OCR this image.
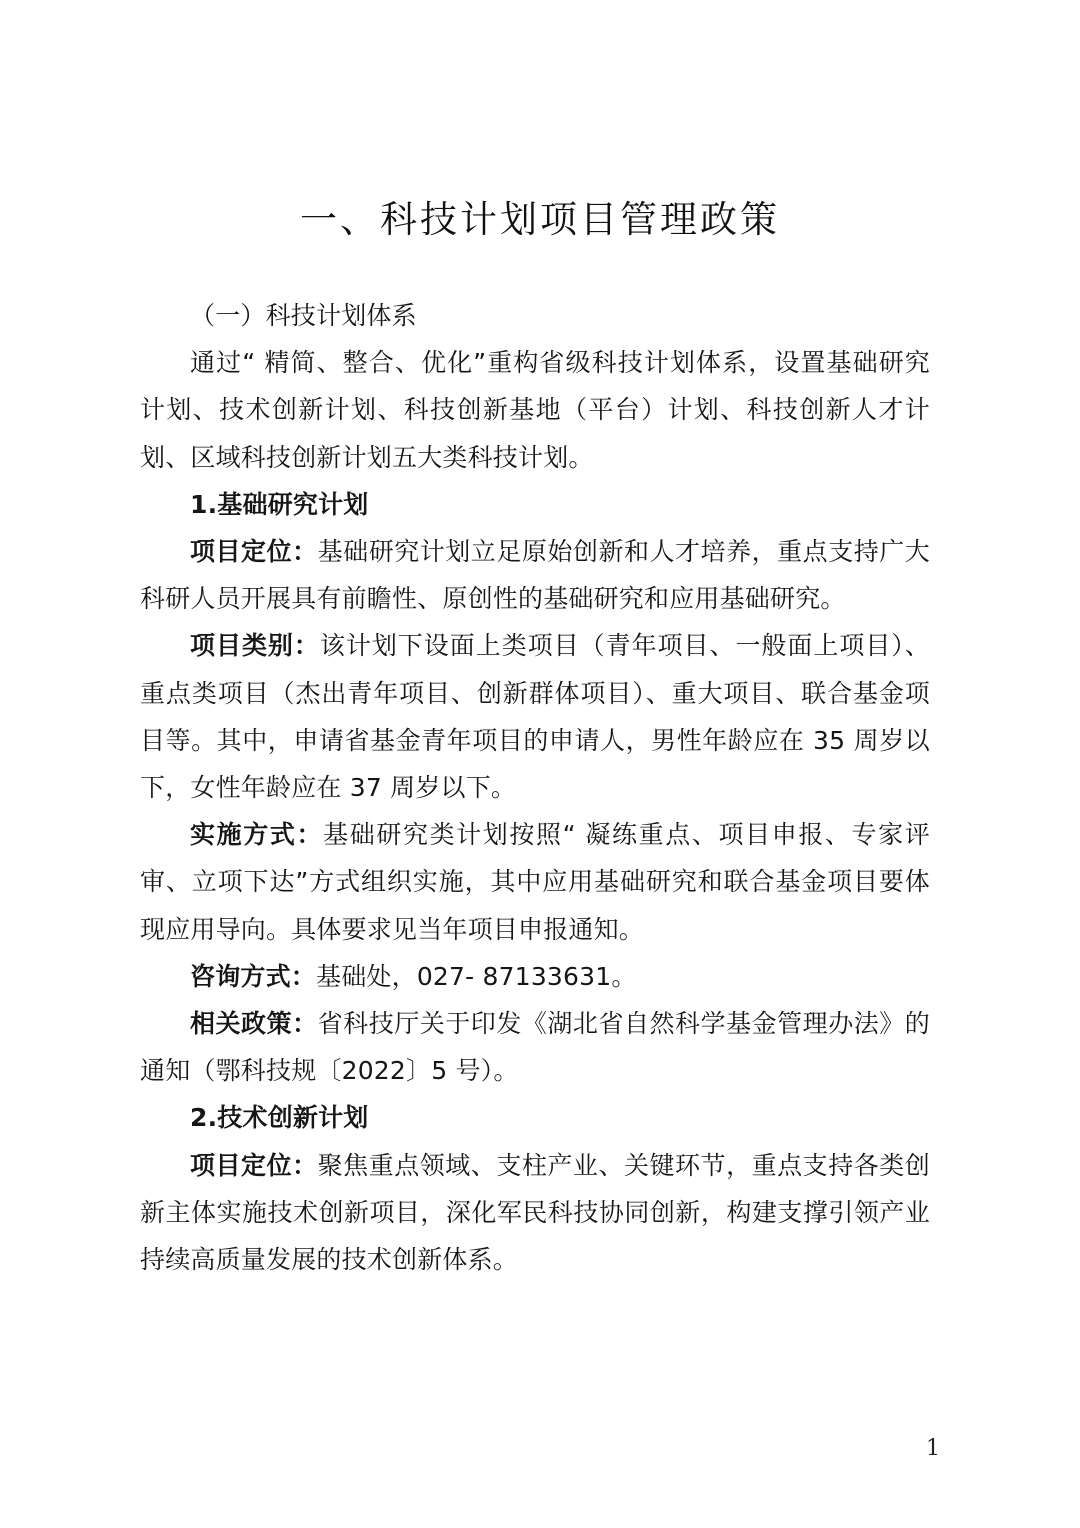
一、科技计划项目管理政策

（一）科技计划体系

通过“ 精简、整合、优化”重构省级科技计划体系，设置基础研究计划、技术创新计划、科技创新基地（平台）计划、科技创新人才计划、区域科技创新计划五大类科技计划。

1.基础研究计划

项目定位：基础研究计划立足原始创新和人才培养，重点支持广大科研人员开展具有前瞻性、原创性的基础研究和应用基础研究。

项目类别：该计划下设面上类项目（青年项目、一般面上项目）、重点类项目（杰出青年项目、创新群体项目）、重大项目、联合基金项目等。其中，申请省基金青年项目的申请人，男性年龄应在 35 周岁以下，女性年龄应在 37 周岁以下。

实施方式：基础研究类计划按照“ 凝练重点、项目申报、专家评审、立项下达”方式组织实施，其中应用基础研究和联合基金项目要体现应用导向。具体要求见当年项目申报通知。

咨询方式：基础处，027- 87133631。

相关政策：省科技厅关于印发《湖北省自然科学基金管理办法》的通知（鄂科技规〔2022〕5 号）。

2.技术创新计划

项目定位：聚焦重点领域、支柱产业、关键环节，重点支持各类创新主体实施技术创新项目，深化军民科技协同创新，构建支撑引领产业持续高质量发展的技术创新体系。

1
